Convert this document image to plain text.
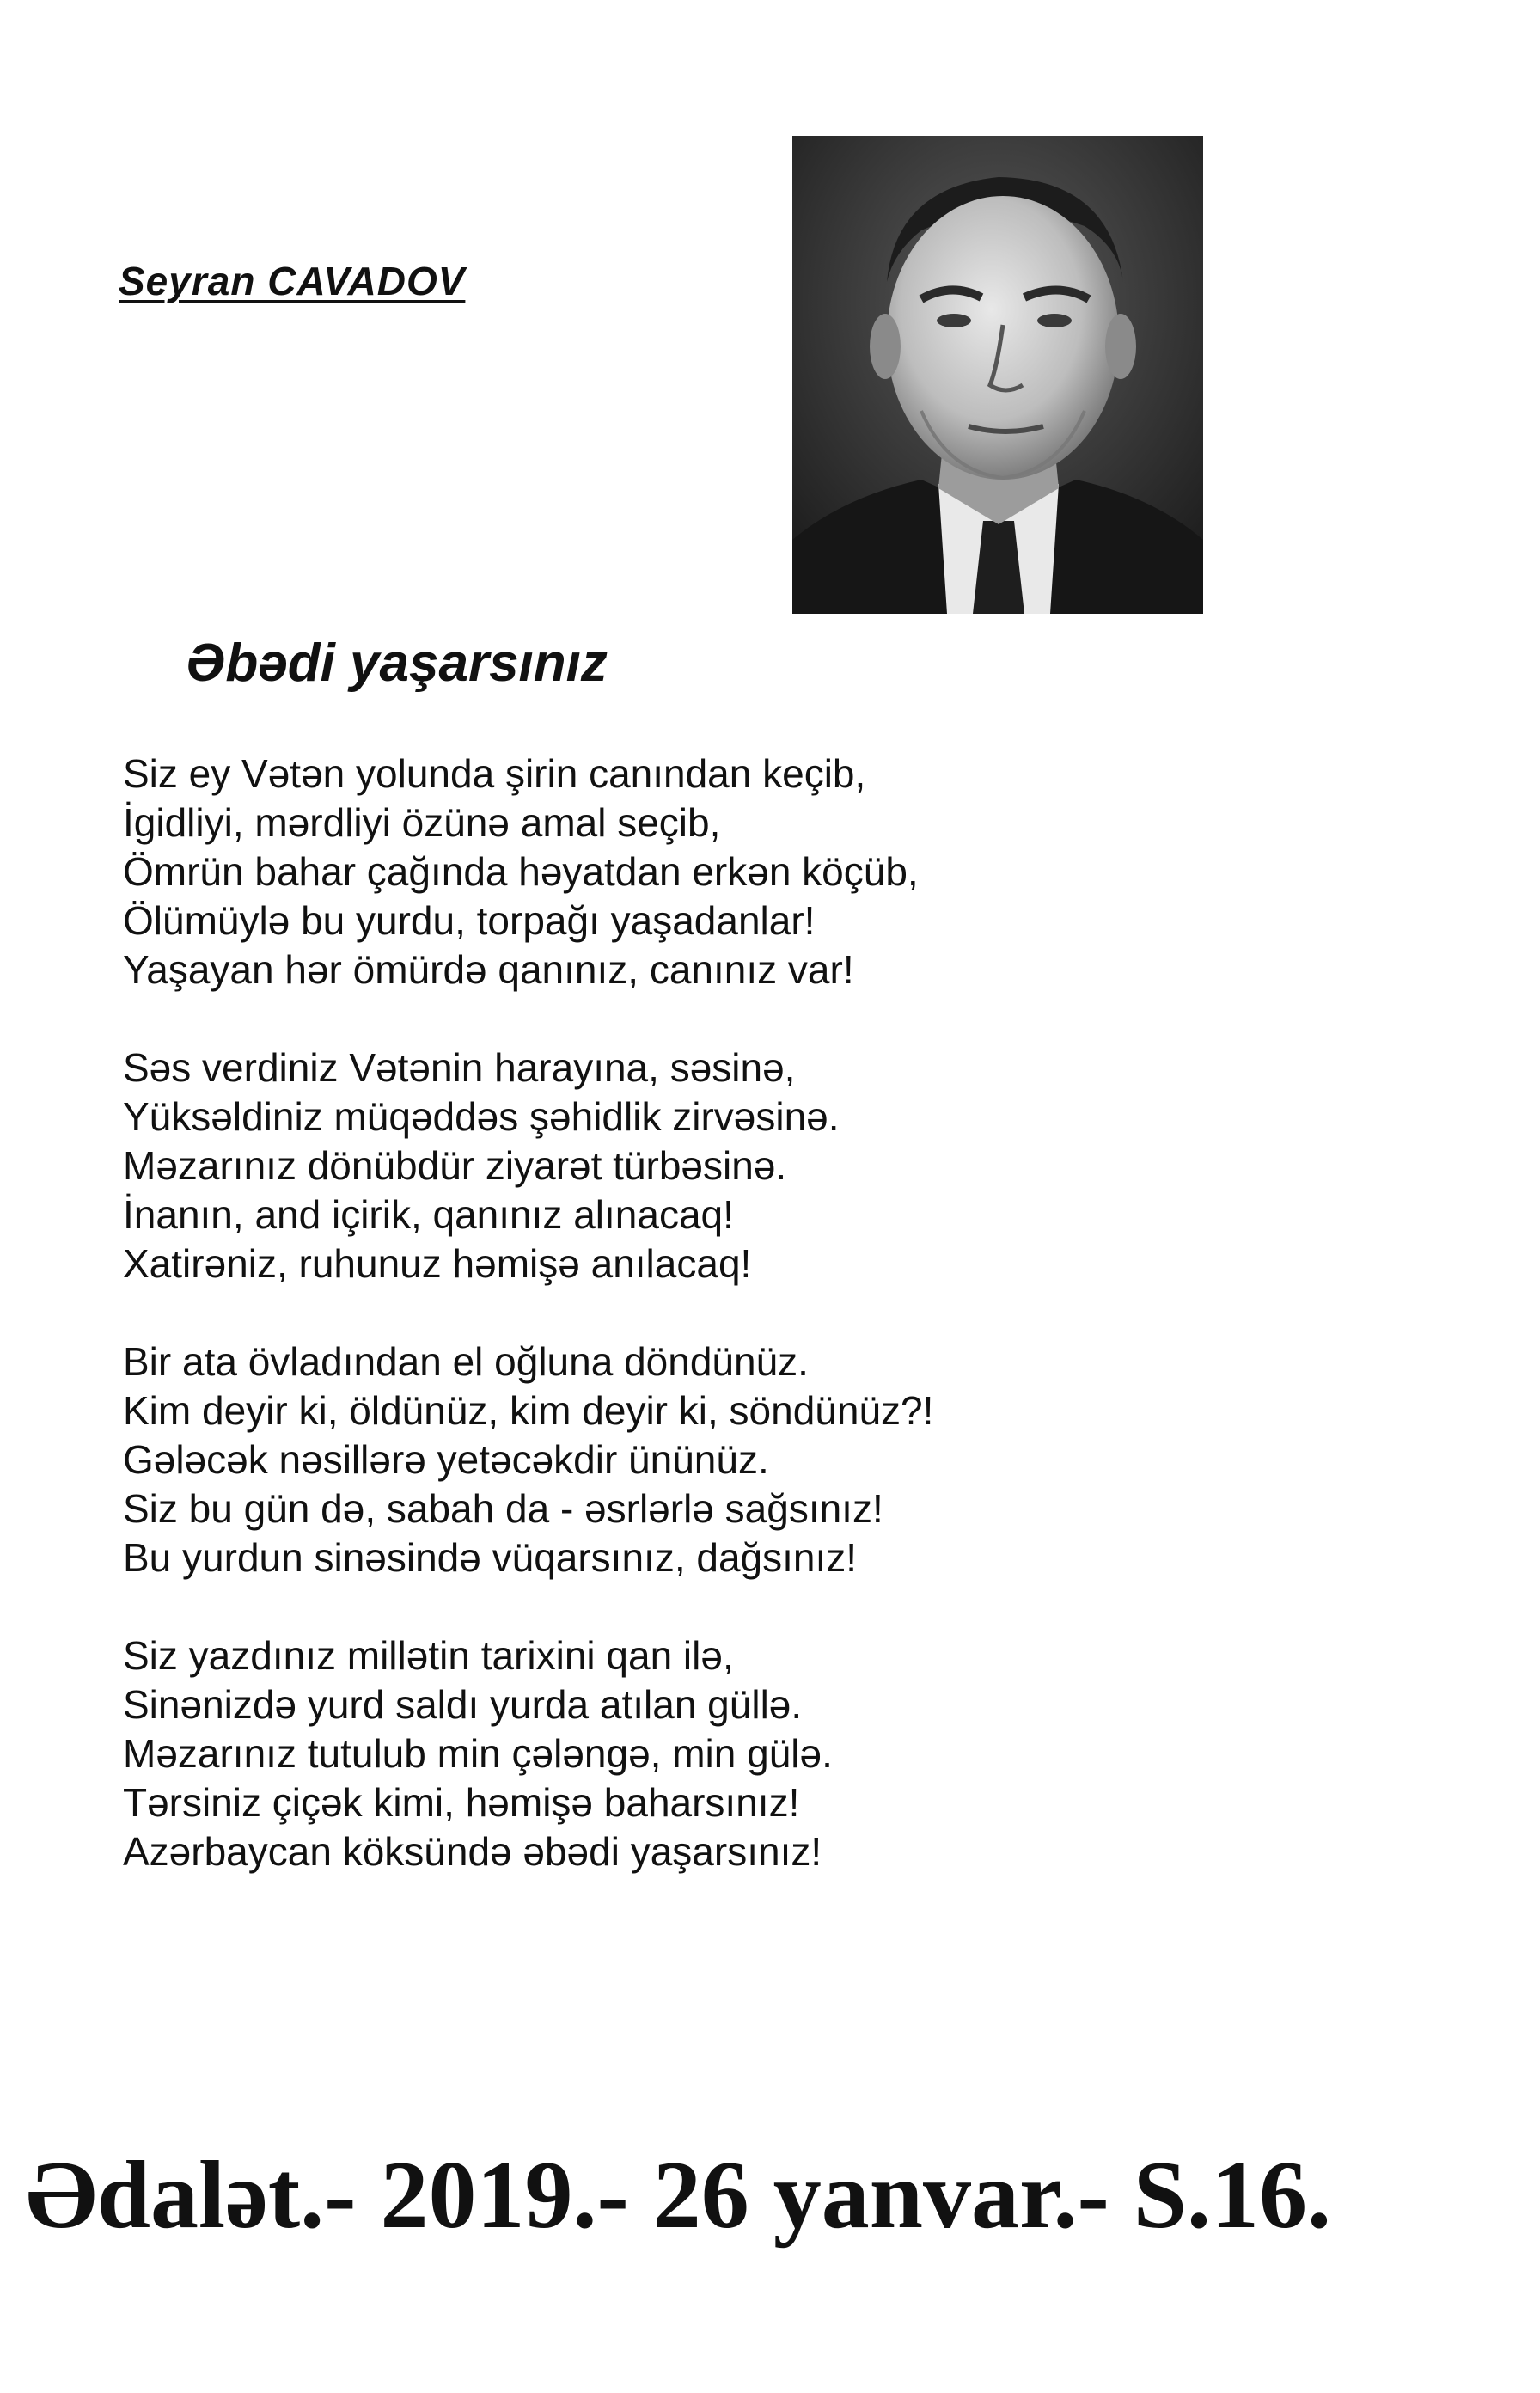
Seyran CAVADOV
Əbədi yaşarsınız
Siz ey Vətən yolunda şirin canından keçib,
İgidliyi, mərdliyi özünə amal seçib,
Ömrün bahar çağında həyatdan erkən köçüb,
Ölümüylə bu yurdu, torpağı yaşadanlar!
Yaşayan hər ömürdə qanınız, canınız var!
Səs verdiniz Vətənin harayına, səsinə,
Yüksəldiniz müqəddəs şəhidlik zirvəsinə.
Məzarınız dönübdür ziyarət türbəsinə.
İnanın, and içirik, qanınız alınacaq!
Xatirəniz, ruhunuz həmişə anılacaq!
Bir ata övladından el oğluna döndünüz.
Kim deyir ki, öldünüz, kim deyir ki, söndünüz?!
Gələcək nəsillərə yetəcəkdir ününüz.
Siz bu gün də, sabah da - əsrlərlə sağsınız!
Bu yurdun sinəsində vüqarsınız, dağsınız!
Siz yazdınız millətin tarixini qan ilə,
Sinənizdə yurd saldı yurda atılan güllə.
Məzarınız tutulub min çələngə, min gülə.
Tərsiniz çiçək kimi, həmişə baharsınız!
Azərbaycan köksündə əbədi yaşarsınız!
Ədalət.- 2019.- 26 yanvar.- S.16.
